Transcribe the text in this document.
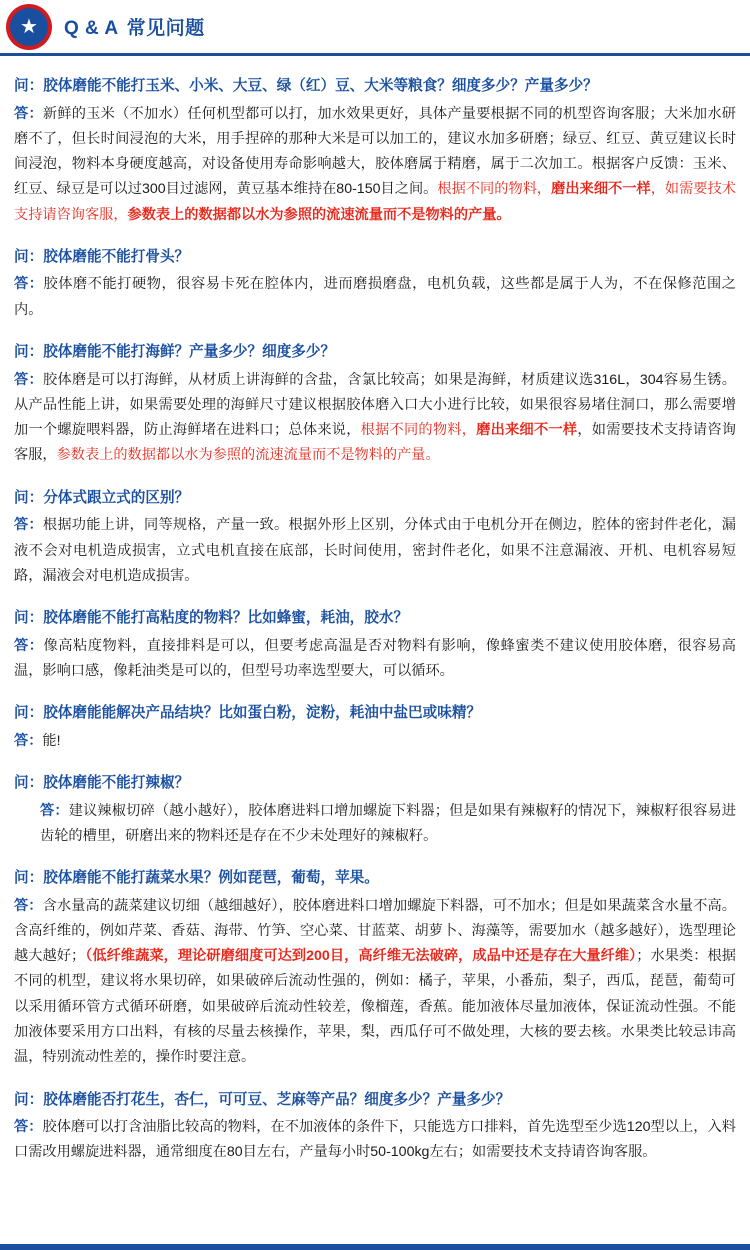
★ Q & A 常见问题
问：胶体磨能不能打玉米、小米、大豆、绿（红）豆、大米等粮食？细度多少？产量多少？
答：新鲜的玉米（不加水）任何机型都可以打，加水效果更好，具体产量要根据不同的机型咨询客服；大米加水研磨不了，但长时间浸泡的大米，用手捏碎的那种大米是可以加工的，建议水加多研磨；绿豆、红豆、黄豆建议长时间浸泡，物料本身硬度越高，对设备使用寿命影响越大，胶体磨属于精磨，属于二次加工。根据客户反馈：玉米、红豆、绿豆是可以过300目过滤网，黄豆基本维持在80-150目之间。根据不同的物料，磨出来细不一样，如需要技术支持请咨询客服，参数表上的数据都以水为参照的流速流量而不是物料的产量。
问：胶体磨能不能打骨头？
答：胶体磨不能打硬物，很容易卡死在腔体内，进而磨损磨盘，电机负载，这些都是属于人为，不在保修范围之内。
问：胶体磨能不能打海鲜？产量多少？细度多少？
答：胶体磨是可以打海鲜，从材质上讲海鲜的含盐，含氯比较高；如果是海鲜，材质建议选316L，304容易生锈。从产品性能上讲，如果需要处理的海鲜尺寸建议根据胶体磨入口大小进行比较，如果很容易堵住洞口，那么需要增加一个螺旋喂料器，防止海鲜堵在进料口；总体来说，根据不同的物料，磨出来细不一样，如需要技术支持请咨询客服，参数表上的数据都以水为参照的流速流量而不是物料的产量。
问：分体式跟立式的区别？
答：根据功能上讲，同等规格，产量一致。根据外形上区别，分体式由于电机分开在侧边，腔体的密封件老化，漏液不会对电机造成损害，立式电机直接在底部，长时间使用，密封件老化，如果不注意漏液、开机、电机容易短路，漏液会对电机造成损害。
问：胶体磨能不能打高粘度的物料？比如蜂蜜，耗油，胶水？
答：像高粘度物料，直接排料是可以，但要考虑高温是否对物料有影响，像蜂蜜类不建议使用胶体磨，很容易高温，影响口感，像耗油类是可以的，但型号功率选型要大，可以循环。
问：胶体磨能能解决产品结块？比如蛋白粉，淀粉，耗油中盐巴或味精？
答：能!
问：胶体磨能不能打辣椒？
答：建议辣椒切碎（越小越好），胶体磨进料口增加螺旋下料器；但是如果有辣椒籽的情况下，辣椒籽很容易进齿轮的槽里，研磨出来的物料还是存在不少未处理好的辣椒籽。
问：胶体磨能不能打蔬菜水果？例如琵琶，葡萄，苹果。
答：含水量高的蔬菜建议切细（越细越好），胶体磨进料口增加螺旋下料器，可不加水；但是如果蔬菜含水量不高。含高纤维的，例如芹菜、香菇、海带、竹笋、空心菜、甘蓝菜、胡萝卜、海藻等，需要加水（越多越好），选型理论越大越好；（低纤维蔬菜，理论研磨细度可达到200目，高纤维无法破碎，成品中还是存在大量纤维）；水果类：根据不同的机型，建议将水果切碎，如果破碎后流动性强的，例如：橘子，苹果，小番茄，梨子，西瓜，琵琶，葡萄可以采用循环管方式循环研磨，如果破碎后流动性较差，像榴莲，香蕉。能加液体尽量加液体，保证流动性强。不能加液体要采用方口出料，有核的尽量去核操作，苹果，梨，西瓜仔可不做处理，大核的要去核。水果类比较忌讳高温，特别流动性差的，操作时要注意。
问：胶体磨能否打花生，杏仁，可可豆、芝麻等产品？细度多少？产量多少？
答：胶体磨可以打含油脂比较高的物料，在不加液体的条件下，只能选方口排料，首先选型至少选120型以上，入料口需改用螺旋进料器，通常细度在80目左右，产量每小时50-100kg左右；如需要技术支持请咨询客服。
